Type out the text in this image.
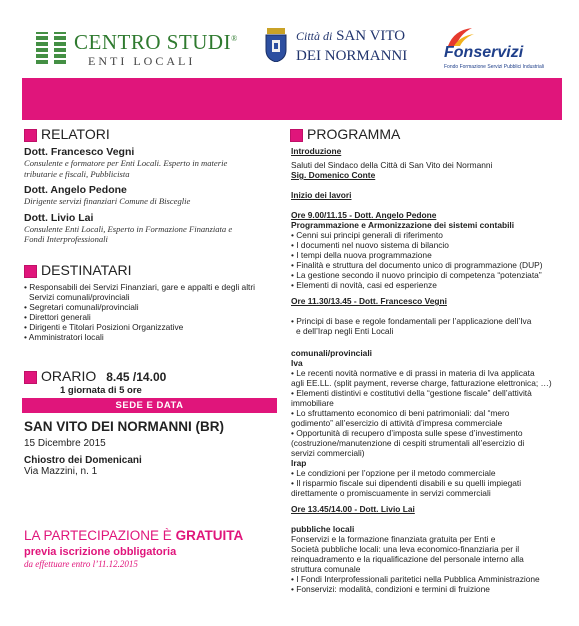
CENTRO STUDI®
ENTI LOCALI
Città di SAN VITO
DEI NORMANNI Fonservizi
Fondo Formazione Servizi Pubblici Industriali
RELATORI
Dott. Francesco Vegni
Consulente e formatore per Enti Locali. Esperto in materie
tributarie e fiscali, Pubblicista
Dott. Angelo Pedone
Dirigente servizi finanziari Comune di Bisceglie
Dott. Livio Lai
Consulente Enti Locali, Esperto in Formazione Finanziata e
Fondi Interprofessionali
DESTINATARI
• Responsabili dei Servizi Finanziari, gare e appalti e degli altri
Servizi comunali/provinciali
• Segretari comunali/provinciali
• Direttori generali
• Dirigenti e Titolari Posizioni Organizzative
• Amministratori locali
ORARIO 8.45 /14.00
1 giornata di 5 ore
SEDE E DATA
SAN VITO DEI NORMANNI (BR)
15 Dicembre 2015
Chiostro dei Domenicani
Via Mazzini, n. 1
LA PARTECIPAZIONE È GRATUITA
previa iscrizione obbligatoria
da effettuare entro l’11.12.2015
PROGRAMMA
Introduzione
Saluti del Sindaco della Città di San Vito dei Normanni
Sig. Domenico Conte
Inizio dei lavori
Ore 9.00/11.15 - Dott. Angelo Pedone
Programmazione e Armonizzazione dei sistemi contabili
• Cenni sui principi generali di riferimento
• I documenti nel nuovo sistema di bilancio
• I tempi della nuova programmazione
• Finalità e struttura del documento unico di programmazione (DUP)
• La gestione secondo il nuovo principio di competenza “potenziata”
• Elementi di novità, casi ed esperienze
Ore 11.30/13.45 - Dott. Francesco Vegni
• Principi di base e regole fondamentali per l’applicazione dell’Iva
e dell’Irap negli Enti Locali
comunali/provinciali
Iva
• Le recenti novità normative e di prassi in materia di Iva applicata
agli EE.LL. (split payment, reverse charge, fatturazione elettronica; …)
• Elementi distintivi e costitutivi della “gestione fiscale” dell’attività
immobiliare
• Lo sfruttamento economico di beni patrimoniali: dal “mero
godimento” all’esercizio di attività d’impresa commerciale
• Opportunità di recupero d’imposta sulle spese d’investimento
(costruzione/manutenzione di cespiti strumentali all’esercizio di
servizi commerciali)
Irap
• Le condizioni per l’opzione per il metodo commerciale
• Il risparmio fiscale sui dipendenti disabili e su quelli impiegati
direttamente o promiscuamente in servizi commerciali
Ore 13.45/14.00 - Dott. Livio Lai
pubbliche locali
Fonservizi e la formazione finanziata gratuita per Enti e
Società pubbliche locali: una leva economico-finanziaria per il
reinquadramento e la riqualificazione del personale interno alla
struttura comunale
• I Fondi Interprofessionali paritetici nella Pubblica Amministrazione
• Fonservizi: modalità, condizioni e termini di fruizione
